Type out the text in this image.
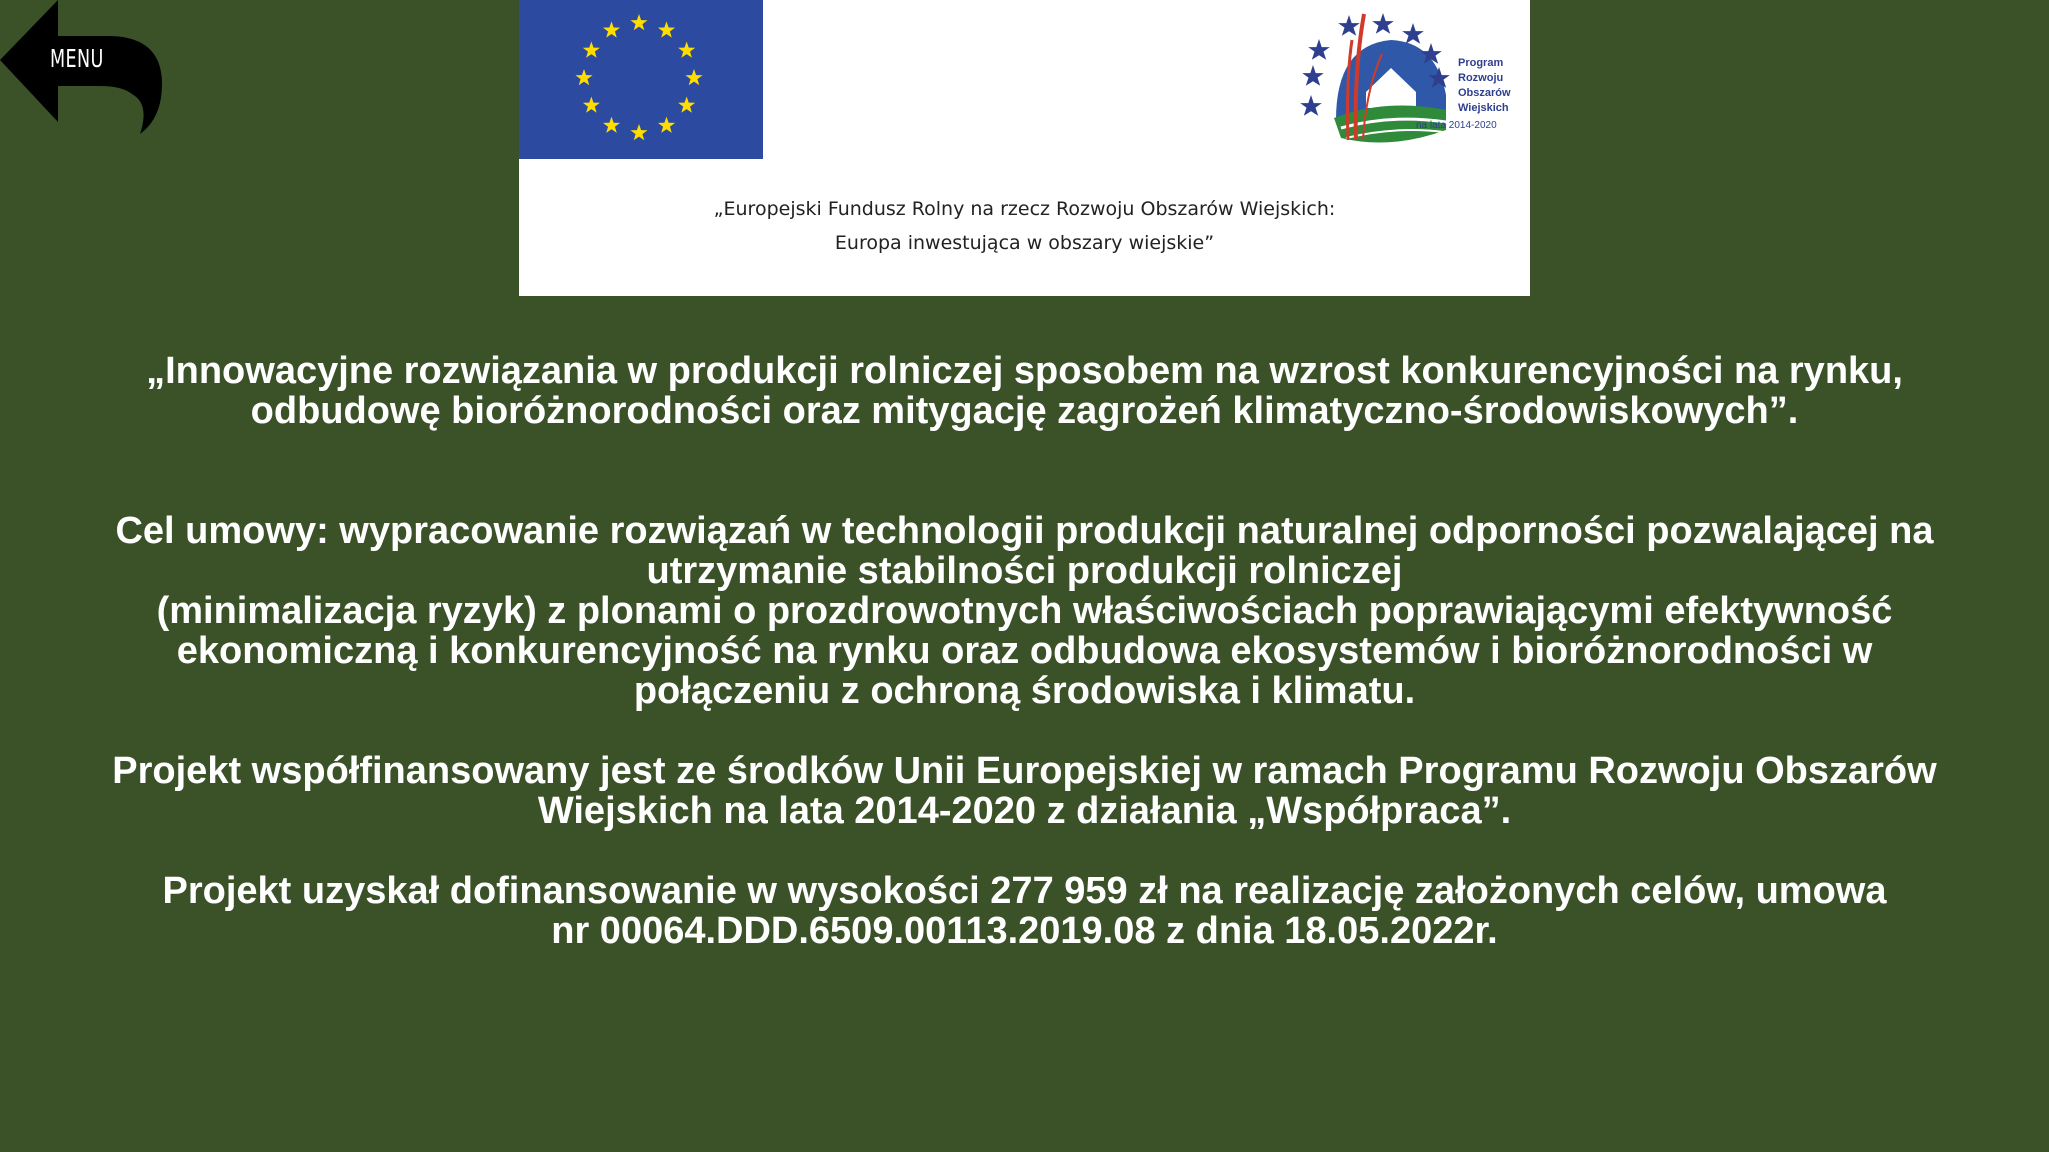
MENU	Program
Rozwoju
Obszarów
Wiejskich
na lata 2014-2020
„Europejski Fundusz Rolny na rzecz Rozwoju Obszarów Wiejskich:
Europa inwestująca w obszary wiejskie”
„Innowacyjne rozwiązania w produkcji rolniczej sposobem na wzrost konkurencyjności na rynku,
odbudowę bioróżnorodności oraz mitygację zagrożeń klimatyczno-środowiskowych”.
Cel umowy: wypracowanie rozwiązań w technologii produkcji naturalnej odporności pozwalającej na
utrzymanie stabilności produkcji rolniczej
(minimalizacja ryzyk) z plonami o prozdrowotnych właściwościach poprawiającymi efektywność
ekonomiczną i konkurencyjność na rynku oraz odbudowa ekosystemów i bioróżnorodności w
połączeniu z ochroną środowiska i klimatu.
Projekt współfinansowany jest ze środków Unii Europejskiej w ramach Programu Rozwoju Obszarów
Wiejskich na lata 2014-2020 z działania „Współpraca”.
Projekt uzyskał dofinansowanie w wysokości 277 959 zł na realizację założonych celów, umowa
nr 00064.DDD.6509.00113.2019.08 z dnia 18.05.2022r.
